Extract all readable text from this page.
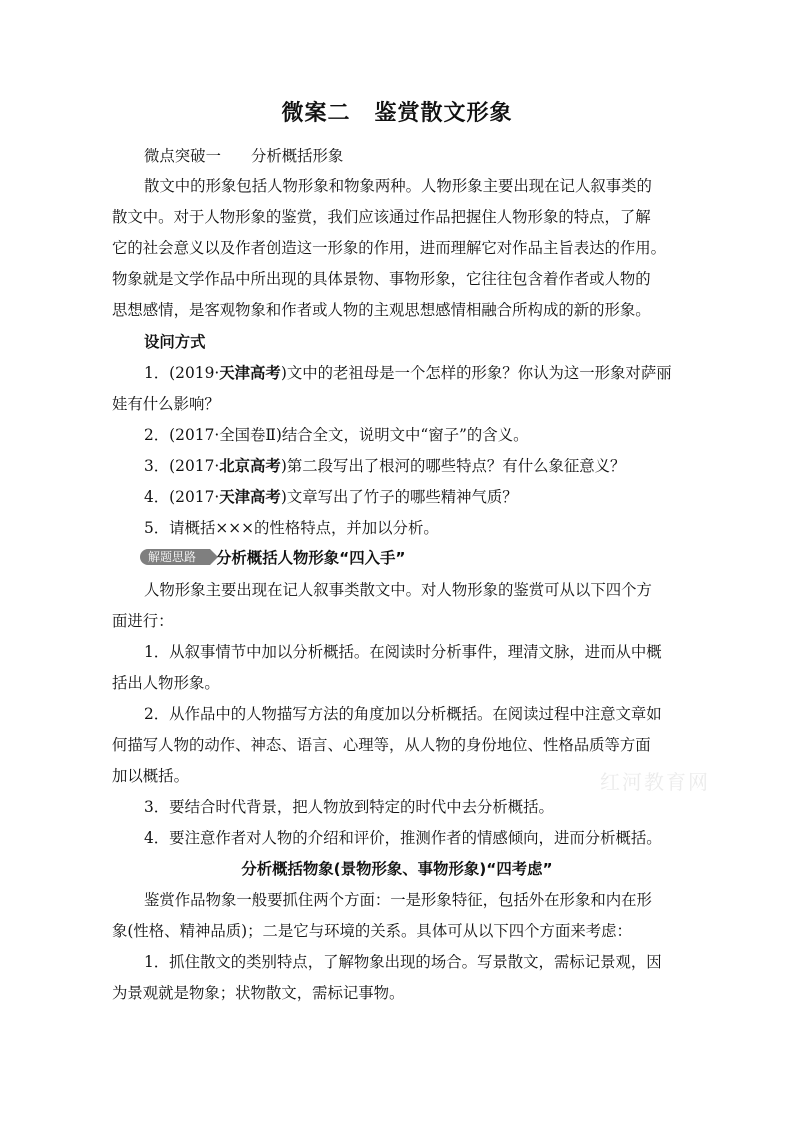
微案二 鉴赏散文形象
微点突破一 分析概括形象
散文中的形象包括人物形象和物象两种。人物形象主要出现在记人叙事类的
散文中。对于人物形象的鉴赏，我们应该通过作品把握住人物形象的特点，了解
它的社会意义以及作者创造这一形象的作用，进而理解它对作品主旨表达的作用。
物象就是文学作品中所出现的具体景物、事物形象，它往往包含着作者或人物的
思想感情，是客观物象和作者或人物的主观思想感情相融合所构成的新的形象。
设问方式
1．(2019·天津高考)文中的老祖母是一个怎样的形象？你认为这一形象对萨丽
娃有什么影响？
2．(2017·全国卷Ⅱ)结合全文，说明文中“窗子”的含义。
3．(2017·北京高考)第二段写出了根河的哪些特点？有什么象征意义？
4．(2017·天津高考)文章写出了竹子的哪些精神气质？
5．请概括×××的性格特点，并加以分析。
解题思路 分析概括人物形象“四入手”
人物形象主要出现在记人叙事类散文中。对人物形象的鉴赏可从以下四个方
面进行：
1．从叙事情节中加以分析概括。在阅读时分析事件，理清文脉，进而从中概
括出人物形象。
2．从作品中的人物描写方法的角度加以分析概括。在阅读过程中注意文章如
何描写人物的动作、神态、语言、心理等，从人物的身份地位、性格品质等方面
加以概括。
3．要结合时代背景，把人物放到特定的时代中去分析概括。
4．要注意作者对人物的介绍和评价，推测作者的情感倾向，进而分析概括。
分析概括物象(景物形象、事物形象)“四考虑”
鉴赏作品物象一般要抓住两个方面：一是形象特征，包括外在形象和内在形
象(性格、精神品质)；二是它与环境的关系。具体可从以下四个方面来考虑：
1．抓住散文的类别特点，了解物象出现的场合。写景散文，需标记景观，因
为景观就是物象；状物散文，需标记事物。
红河教育网
